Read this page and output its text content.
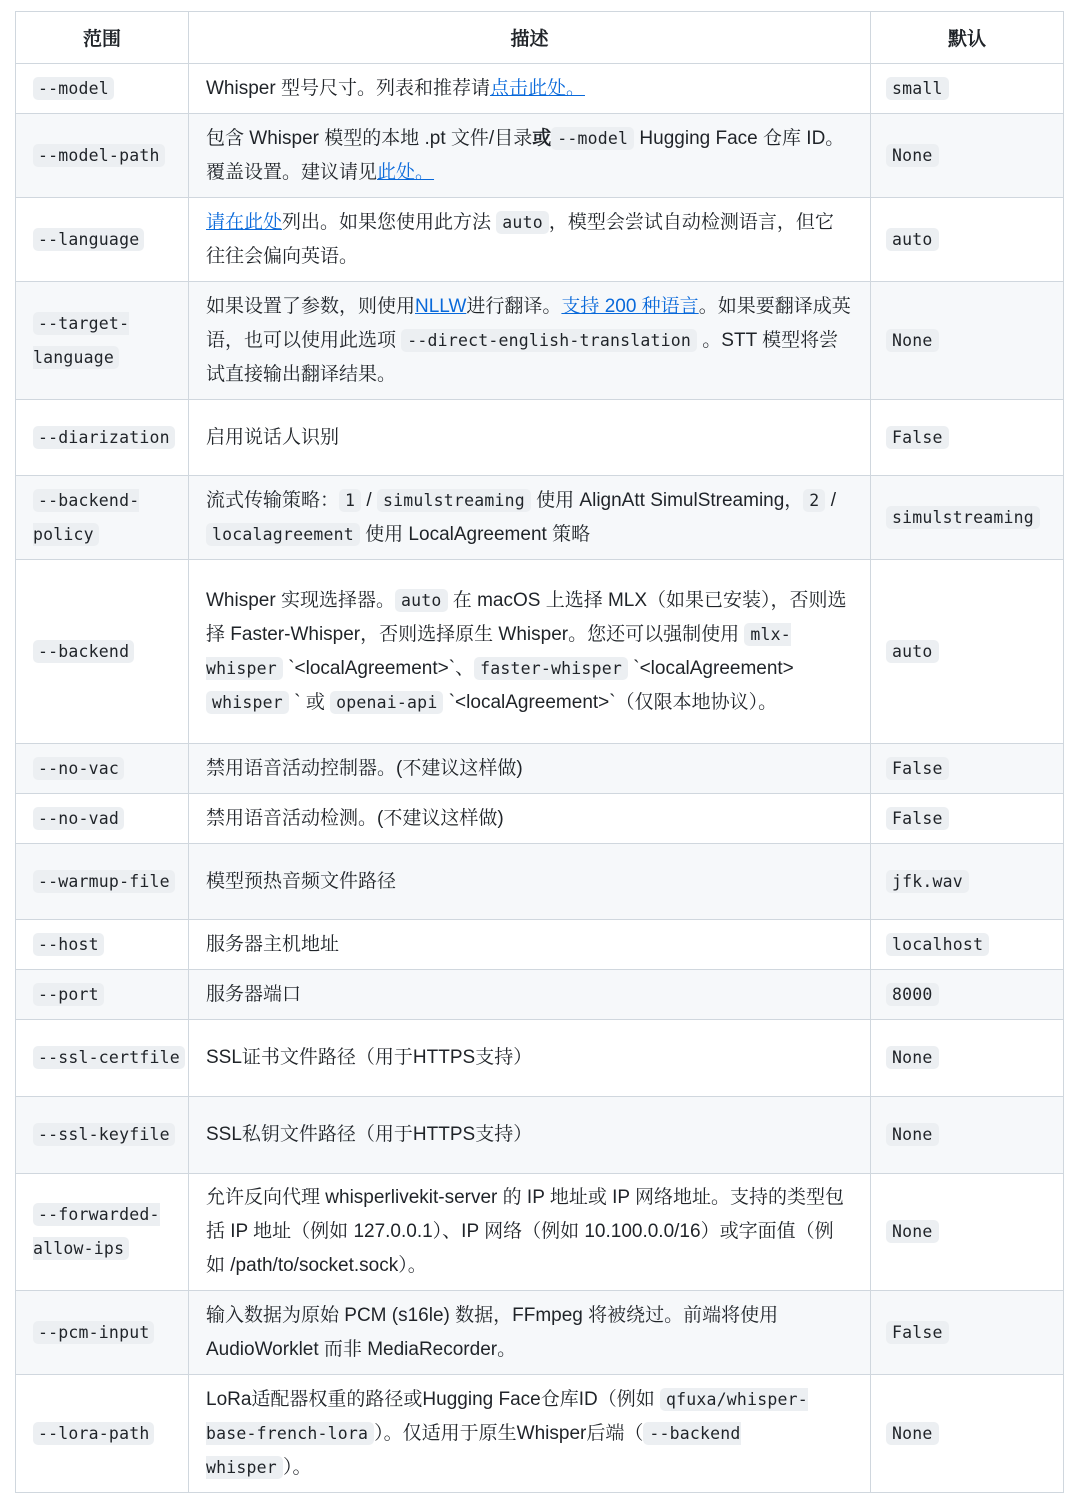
范围	描述	默认
--model	Whisper 型号尺寸。列表和推荐请点击此处。	small
--model-path	包含 Whisper 模型的本地 .pt 文件/目录或 --model Hugging Face 仓库 ID。覆盖设置。建议请见此处。	None
--language	请在此处列出。如果您使用此方法 auto ，模型会尝试自动检测语言，但它往往会偏向英语。	auto
--target-language	如果设置了参数，则使用NLLW进行翻译。支持 200 种语言。如果要翻译成英语，也可以使用此选项 --direct-english-translation 。STT 模型将尝试直接输出翻译结果。	None
--diarization	启用说话人识别	False
--backend-policy	流式传输策略： 1 / simulstreaming 使用 AlignAtt SimulStreaming， 2 / localagreement 使用 LocalAgreement 策略	simulstreaming
--backend	Whisper 实现选择器。 auto 在 macOS 上选择 MLX（如果已安装），否则选择 Faster-Whisper，否则选择原生 Whisper。您还可以强制使用 mlx-whisper `<localAgreement>`、 faster-whisper `<localAgreement> whisper ` 或 openai-api `<localAgreement>`（仅限本地协议）。	auto
--no-vac	禁用语音活动控制器。(不建议这样做)	False
--no-vad	禁用语音活动检测。(不建议这样做)	False
--warmup-file	模型预热音频文件路径	jfk.wav
--host	服务器主机地址	localhost
--port	服务器端口	8000
--ssl-certfile	SSL证书文件路径（用于HTTPS支持）	None
--ssl-keyfile	SSL私钥文件路径（用于HTTPS支持）	None
--forwarded-allow-ips	允许反向代理 whisperlivekit-server 的 IP 地址或 IP 网络地址。支持的类型包括 IP 地址（例如 127.0.0.1）、IP 网络（例如 10.100.0.0/16）或字面值（例如 /path/to/socket.sock）。	None
--pcm-input	输入数据为原始 PCM (s16le) 数据，FFmpeg 将被绕过。前端将使用 AudioWorklet 而非 MediaRecorder。	False
--lora-path	LoRa适配器权重的路径或Hugging Face仓库ID（例如 qfuxa/whisper-base-french-lora ）。仅适用于原生Whisper后端（ --backend whisper ）。	None
